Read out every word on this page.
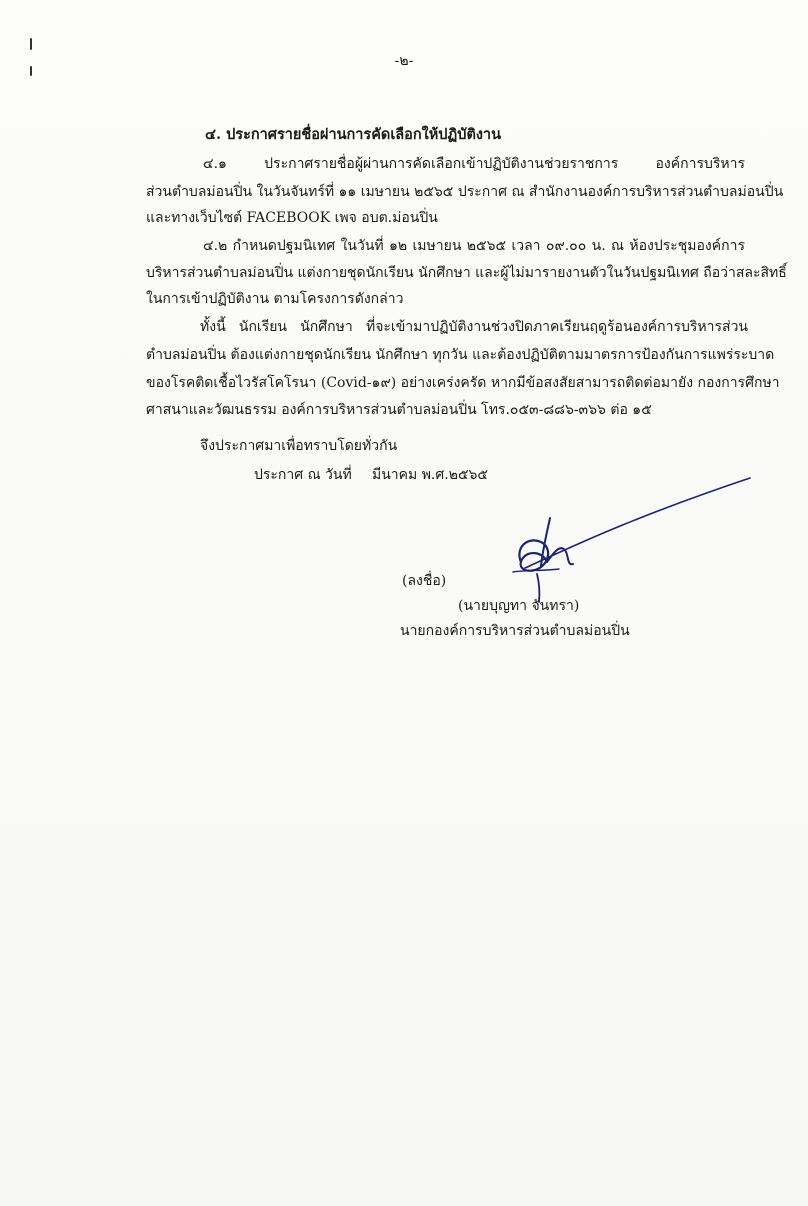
-๒-
๔. ประกาศรายชื่อผ่านการคัดเลือกให้ปฏิบัติงาน
๔.๑ ประกาศรายชื่อผู้ผ่านการคัดเลือกเข้าปฏิบัติงานช่วยราชการ องค์การบริหาร
ส่วนตำบลม่อนปิ่น ในวันจันทร์ที่ ๑๑ เมษายน ๒๕๖๕ ประกาศ ณ สำนักงานองค์การบริหารส่วนตำบลม่อนปิ่น
และทางเว็บไซต์ FACEBOOK เพจ อบต.ม่อนปิ่น
๔.๒ กำหนดปฐมนิเทศ ในวันที่ ๑๒ เมษายน ๒๕๖๕ เวลา ๐๙.๐๐ น. ณ ห้องประชุมองค์การ
บริหารส่วนตำบลม่อนปิ่น แต่งกายชุดนักเรียน นักศึกษา และผู้ไม่มารายงานตัวในวันปฐมนิเทศ ถือว่าสละสิทธิ์
ในการเข้าปฏิบัติงาน ตามโครงการดังกล่าว
ทั้งนี้ นักเรียน นักศึกษา ที่จะเข้ามาปฏิบัติงานช่วงปิดภาคเรียนฤดูร้อนองค์การบริหารส่วน
ตำบลม่อนปิ่น ต้องแต่งกายชุดนักเรียน นักศึกษา ทุกวัน และต้องปฏิบัติตามมาตรการป้องกันการแพร่ระบาด
ของโรคติดเชื้อไวรัสโคโรนา (Covid-๑๙) อย่างเคร่งครัด หากมีข้อสงสัยสามารถติดต่อมายัง กองการศึกษา
ศาสนาและวัฒนธรรม องค์การบริหารส่วนตำบลม่อนปิ่น โทร.๐๕๓-๘๘๖-๓๖๖ ต่อ ๑๕
จึงประกาศมาเพื่อทราบโดยทั่วกัน
ประกาศ ณ วันที่ มีนาคม พ.ศ.๒๕๖๕
(ลงชื่อ)
(นายบุญทา จันทรา)
นายกองค์การบริหารส่วนตำบลม่อนปิ่น
